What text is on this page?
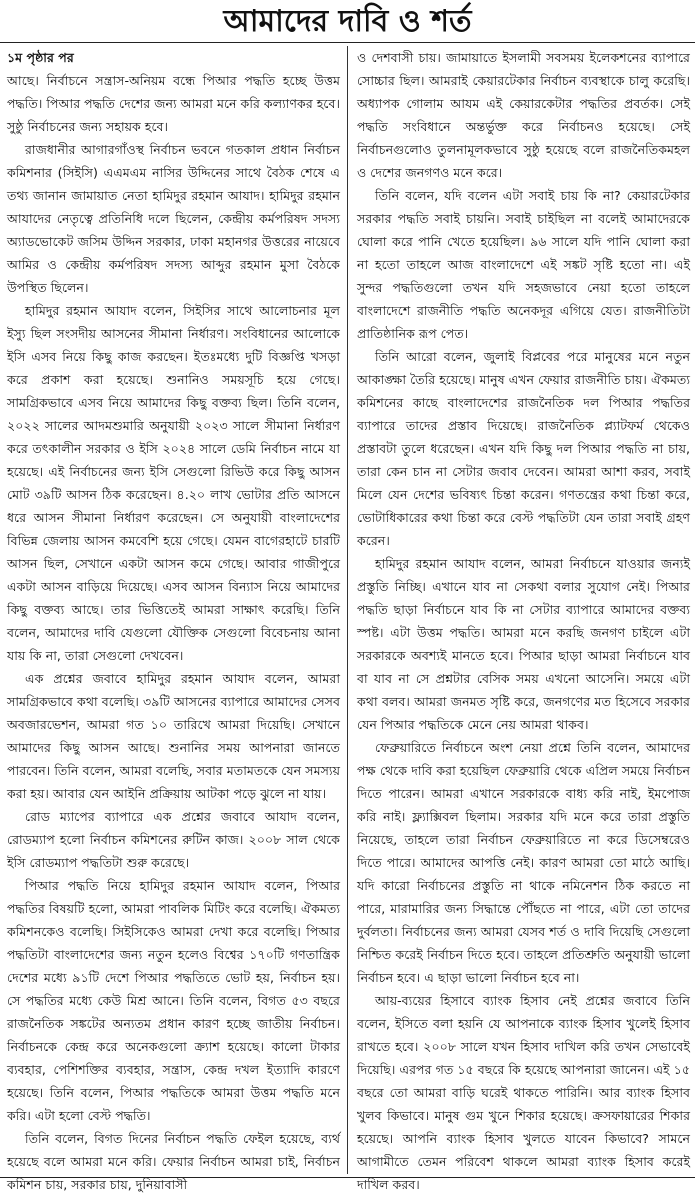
আমাদের দাবি ও শর্ত

১ম পৃষ্ঠার পর

আছে। নির্বাচনে সন্ত্রাস-অনিয়ম বন্ধে পিআর পদ্ধতি হচ্ছে উত্তম পদ্ধতি। পিআর পদ্ধতি দেশের জন্য আমরা মনে করি কল্যাণকর হবে। সুষ্ঠু নির্বাচনের জন্য সহায়ক হবে।

রাজধানীর আগারগাঁওস্থ নির্বাচন ভবনে গতকাল প্রধান নির্বাচন কমিশনার (সিইসি) এএমএম নাসির উদ্দিনের সাথে বৈঠক শেষে এ তথ্য জানান জামায়াত নেতা হামিদুর রহমান আযাদ। হামিদুর রহমান আযাদের নেতৃত্বে প্রতিনিধি দলে ছিলেন, কেন্দ্রীয় কর্মপরিষদ সদস্য অ্যাডভোকেট জসিম উদ্দিন সরকার, ঢাকা মহানগর উত্তরের নায়েবে আমির ও কেন্দ্রীয় কর্মপরিষদ সদস্য আব্দুর রহমান মুসা বৈঠকে উপস্থিত ছিলেন।

হামিদুর রহমান আযাদ বলেন, সিইসির সাথে আলোচনার মূল ইস্যু ছিল সংসদীয় আসনের সীমানা নির্ধারণ। সংবিধানের আলোকে ইসি এসব নিয়ে কিছু কাজ করছেন। ইতঃমধ্যে দুটি বিজ্ঞপ্তি খসড়া করে প্রকাশ করা হয়েছে। শুনানিও সময়সূচি হয়ে গেছে। সামগ্রিকভাবে এসব নিয়ে আমাদের কিছু বক্তব্য ছিল। তিনি বলেন, ২০২২ সালের আদমশুমারি অনুযায়ী ২০২৩ সালে সীমানা নির্ধারণ করে তৎকালীন সরকার ও ইসি ২০২৪ সালে ডেমি নির্বাচন নামে যা হয়েছে। এই নির্বাচনের জন্য ইসি সেগুলো রিভিউ করে কিছু আসন মোট ৩৯টি আসন ঠিক করেছেন। ৪.২০ লাখ ভোটার প্রতি আসনে ধরে আসন সীমানা নির্ধারণ করেছেন। সে অনুযায়ী বাংলাদেশের বিভিন্ন জেলায় আসন কমবেশি হয়ে গেছে। যেমন বাগেরহাটে চারটি আসন ছিল, সেখানে একটা আসন কমে গেছে। আবার গাজীপুরে একটা আসন বাড়িয়ে দিয়েছে। এসব আসন বিন্যাস নিয়ে আমাদের কিছু বক্তব্য আছে। তার ভিত্তিতেই আমরা সাক্ষাৎ করেছি। তিনি বলেন, আমাদের দাবি যেগুলো যৌক্তিক সেগুলো বিবেচনায় আনা যায় কি না, তারা সেগুলো দেখবেন।

এক প্রশ্নের জবাবে হামিদুর রহমান আযাদ বলেন, আমরা সামগ্রিকভাবে কথা বলেছি। ৩৯টি আসনের ব্যাপারে আমাদের সেসব অবজারভেশন, আমরা গত ১০ তারিখে আমরা দিয়েছি। সেখানে আমাদের কিছু আসন আছে। শুনানির সময় আপনারা জানতে পারবেন। তিনি বলেন, আমরা বলেছি, সবার মতামতকে যেন সমস্যয় করা হয়। আবার যেন আইনি প্রক্রিয়ায় আটকা পড়ে ঝুলে না যায়।

রোড ম্যাপের ব্যাপারে এক প্রশ্নের জবাবে আযাদ বলেন, রোডম্যাপ হলো নির্বাচন কমিশনের রুটিন কাজ। ২০০৮ সাল থেকে ইসি রোডম্যাপ পদ্ধতিটা শুরু করেছে।

পিআর পদ্ধতি নিয়ে হামিদুর রহমান আযাদ বলেন, পিআর পদ্ধতির বিষয়টি হলো, আমরা পাবলিক মিটিং করে বলেছি। ঐকমত্য কমিশনকেও বলেছি। সিইসিকেও আমরা দেখা করে বলেছি। পিআর পদ্ধতিটা বাংলাদেশের জন্য নতুন হলেও বিশ্বের ১৭০টি গণতান্ত্রিক দেশের মধ্যে ৯১টি দেশে পিআর পদ্ধতিতে ভোট হয়, নির্বাচন হয়। সে পদ্ধতির মধ্যে কেউ মিশ্র আনে। তিনি বলেন, বিগত ৫৩ বছরে রাজনৈতিক সঙ্কটের অন্যতম প্রধান কারণ হচ্ছে জাতীয় নির্বাচন। নির্বাচনকে কেন্দ্র করে অনেকগুলো ক্র্যাশ হয়েছে। কালো টাকার ব্যবহার, পেশিশক্তির ব্যবহার, সন্ত্রাস, কেন্দ্র দখল ইত্যাদি কারণে হয়েছে। তিনি বলেন, পিআর পদ্ধতিকে আমরা উত্তম পদ্ধতি মনে করি। এটা হলো বেস্ট পদ্ধতি।

তিনি বলেন, বিগত দিনের নির্বাচন পদ্ধতি ফেইল হয়েছে, ব্যর্থ হয়েছে বলে আমরা মনে করি। ফেয়ার নির্বাচন আমরা চাই, নির্বাচন কমিশন চায়, সরকার চায়, দুনিয়াবাসী

ও দেশবাসী চায়। জামায়াতে ইসলামী সবসময় ইলেকশনের ব্যাপারে সোচ্চার ছিল। আমরাই কেয়ারটেকার নির্বাচন ব্যবস্থাকে চালু করেছি। অধ্যাপক গোলাম আযম এই কেয়ারকেটার পদ্ধতির প্রবর্তক। সেই পদ্ধতি সংবিধানে অন্তর্ভুক্ত করে নির্বাচনও হয়েছে। সেই নির্বাচনগুলোও তুলনামূলকভাবে সুষ্ঠু হয়েছে বলে রাজনৈতিকমহল ও দেশের জনগণও মনে করে।

তিনি বলেন, যদি বলেন এটা সবাই চায় কি না? কেয়ারটেকার সরকার পদ্ধতি সবাই চায়নি। সবাই চাইছিল না বলেই আমাদেরকে ঘোলা করে পানি খেতে হয়েছিল। ৯৬ সালে যদি পানি ঘোলা করা না হতো তাহলে আজ বাংলাদেশে এই সঙ্কট সৃষ্টি হতো না। এই সুন্দর পদ্ধতিগুলো তখন যদি সহজভাবে নেয়া হতো তাহলে বাংলাদেশে রাজনীতি পদ্ধতি অনেকদূর এগিয়ে যেত। রাজনীতিটা প্রাতিষ্ঠানিক রূপ পেত।

তিনি আরো বলেন, জুলাই বিপ্লবের পরে মানুষের মনে নতুন আকাঙ্ক্ষা তৈরি হয়েছে। মানুষ এখন ফেয়ার রাজনীতি চায়। ঐকমত্য কমিশনের কাছে বাংলাদেশের রাজনৈতিক দল পিআর পদ্ধতির ব্যাপারে তাদের প্রস্তাব দিয়েছে। রাজনৈতিক প্ল্যাটফর্ম থেকেও প্রস্তাবটা তুলে ধরেছেন। এখন যদি কিছু দল পিআর পদ্ধতি না চায়, তারা কেন চান না সেটার জবাব দেবেন। আমরা আশা করব, সবাই মিলে যেন দেশের ভবিষ্যৎ চিন্তা করেন। গণতন্ত্রের কথা চিন্তা করে, ভোটাধিকারের কথা চিন্তা করে বেস্ট পদ্ধতিটা যেন তারা সবাই গ্রহণ করেন।

হামিদুর রহমান আযাদ বলেন, আমরা নির্বাচনে যাওয়ার জন্যই প্রস্তুতি নিচ্ছি। এখানে যাব না সেকথা বলার সুযোগ নেই। পিআর পদ্ধতি ছাড়া নির্বাচনে যাব কি না সেটার ব্যাপারে আমাদের বক্তব্য স্পষ্ট। এটা উত্তম পদ্ধতি। আমরা মনে করছি জনগণ চাইলে এটা সরকারকে অবশ্যই মানতে হবে। পিআর ছাড়া আমরা নির্বাচনে যাব বা যাব না সে প্রশ্নটার বেসিক সময় এখনো আসেনি। সময়ে এটা কথা বলব। আমরা জনমত সৃষ্টি করে, জনগণের মত হিসেবে সরকার যেন পিআর পদ্ধতিকে মেনে নেয় আমরা থাকব।

ফেব্রুয়ারিতে নির্বাচনে অংশ নেয়া প্রশ্নে তিনি বলেন, আমাদের পক্ষ থেকে দাবি করা হয়েছিল ফেব্রুয়ারি থেকে এপ্রিল সময়ে নির্বাচন দিতে পারেন। আমরা এখানে সরকারকে বাধ্য করি নাই, ইমপোজ করি নাই। ফ্ল্যাক্সিবল ছিলাম। সরকার যদি মনে করে তারা প্রস্তুতি নিয়েছে, তাহলে তারা নির্বাচন ফেব্রুয়ারিতে না করে ডিসেম্বরেও দিতে পারে। আমাদের আপত্তি নেই। কারণ আমরা তো মাঠে আছি। যদি কারো নির্বাচনের প্রস্তুতি না থাকে নমিনেশন ঠিক করতে না পারে, মারামারির জন্য সিদ্ধান্তে পৌঁছতে না পারে, এটা তো তাদের দুর্বলতা। নির্বাচনের জন্য আমরা যেসব শর্ত ও দাবি দিয়েছি সেগুলো নিশ্চিত করেই নির্বাচন দিতে হবে। তাহলে প্রতিশ্রুতি অনুযায়ী ভালো নির্বাচন হবে। এ ছাড়া ভালো নির্বাচন হবে না।

আয়-ব্যয়ের হিসাবে ব্যাংক হিসাব নেই প্রশ্নের জবাবে তিনি বলেন, ইসিতে বলা হয়নি যে আপনাকে ব্যাংক হিসাব খুলেই হিসাব রাখতে হবে। ২০০৮ সালে যখন হিসাব দাখিল করি তখন সেভাবেই দিয়েছি। এরপর গত ১৫ বছরে কি হয়েছে আপনারা জানেন। এই ১৫ বছরে তো আমরা বাড়ি ঘরেই থাকতে পারিনি। আর ব্যাংক হিসাব খুলব কিভাবে। মানুষ গুম খুনে শিকার হয়েছে। ক্রসফায়ারের শিকার হয়েছে। আপনি ব্যাংক হিসাব খুলতে যাবেন কিভাবে? সামনে আগামীতে তেমন পরিবেশ থাকলে আমরা ব্যাংক হিসাব করেই দাখিল করব।
